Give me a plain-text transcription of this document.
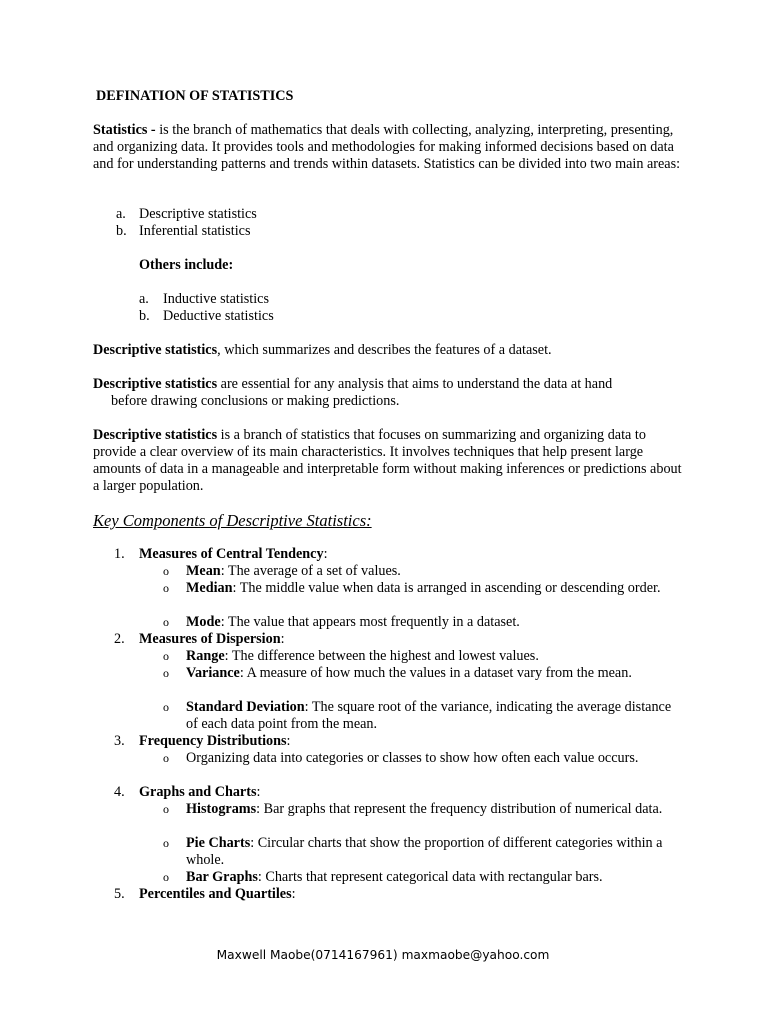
DEFINATION OF STATISTICS
Statistics - is the branch of mathematics that deals with collecting, analyzing, interpreting, presenting, and organizing data. It provides tools and methodologies for making informed decisions based on data and for understanding patterns and trends within datasets. Statistics can be divided into two main areas:
a. Descriptive statistics
b. Inferential statistics
Others include:
a. Inductive statistics
b. Deductive statistics
Descriptive statistics, which summarizes and describes the features of a dataset.
Descriptive statistics are essential for any analysis that aims to understand the data at hand
before drawing conclusions or making predictions.
Descriptive statistics is a branch of statistics that focuses on summarizing and organizing data to provide a clear overview of its main characteristics. It involves techniques that help present large amounts of data in a manageable and interpretable form without making inferences or predictions about a larger population.
Key Components of Descriptive Statistics:
1. Measures of Central Tendency:
o Mean: The average of a set of values.
o Median: The middle value when data is arranged in ascending or descending order.
o Mode: The value that appears most frequently in a dataset.
2. Measures of Dispersion:
o Range: The difference between the highest and lowest values.
o Variance: A measure of how much the values in a dataset vary from the mean.
o Standard Deviation: The square root of the variance, indicating the average distance of each data point from the mean.
3. Frequency Distributions:
o Organizing data into categories or classes to show how often each value occurs.
4. Graphs and Charts:
o Histograms: Bar graphs that represent the frequency distribution of numerical data.
o Pie Charts: Circular charts that show the proportion of different categories within a whole.
o Bar Graphs: Charts that represent categorical data with rectangular bars.
5. Percentiles and Quartiles:
Maxwell Maobe(0714167961) maxmaobe@yahoo.com
